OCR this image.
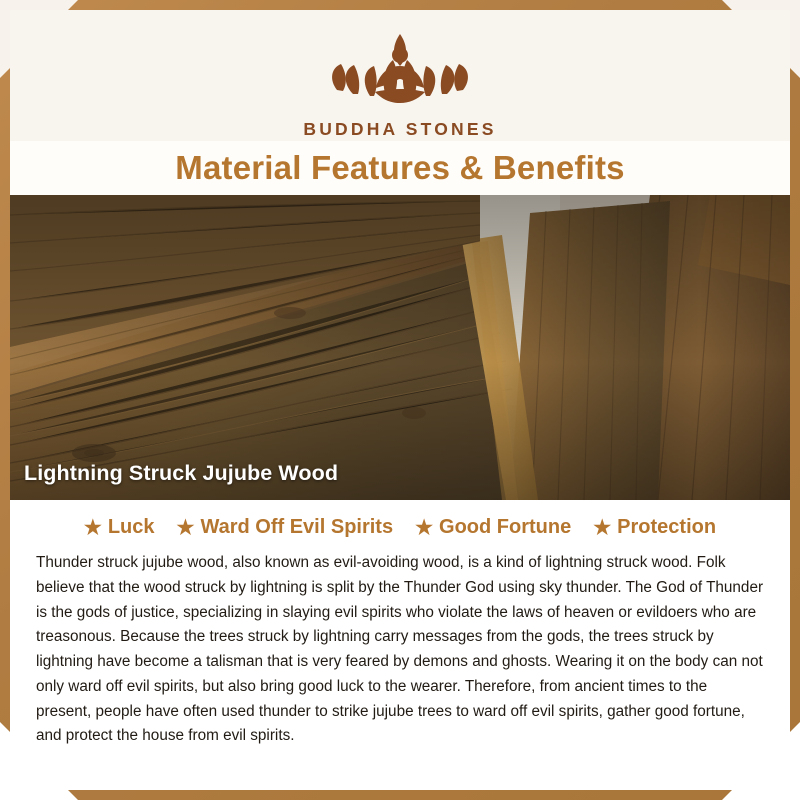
BUDDHA STONES
Material Features & Benefits
Lightning Struck Jujube Wood
★ Luck ★ Ward Off Evil Spirits ★ Good Fortune ★ Protection

Thunder struck jujube wood, also known as evil-avoiding wood, is a kind of lightning struck wood. Folk believe that the wood struck by lightning is split by the Thunder God using sky thunder. The God of Thunder is the gods of justice, specializing in slaying evil spirits who violate the laws of heaven or evildoers who are treasonous. Because the trees struck by lightning carry messages from the gods, the trees struck by lightning have become a talisman that is very feared by demons and ghosts. Wearing it on the body can not only ward off evil spirits, but also bring good luck to the wearer. Therefore, from ancient times to the present, people have often used thunder to strike jujube trees to ward off evil spirits, gather good fortune, and protect the house from evil spirits.
